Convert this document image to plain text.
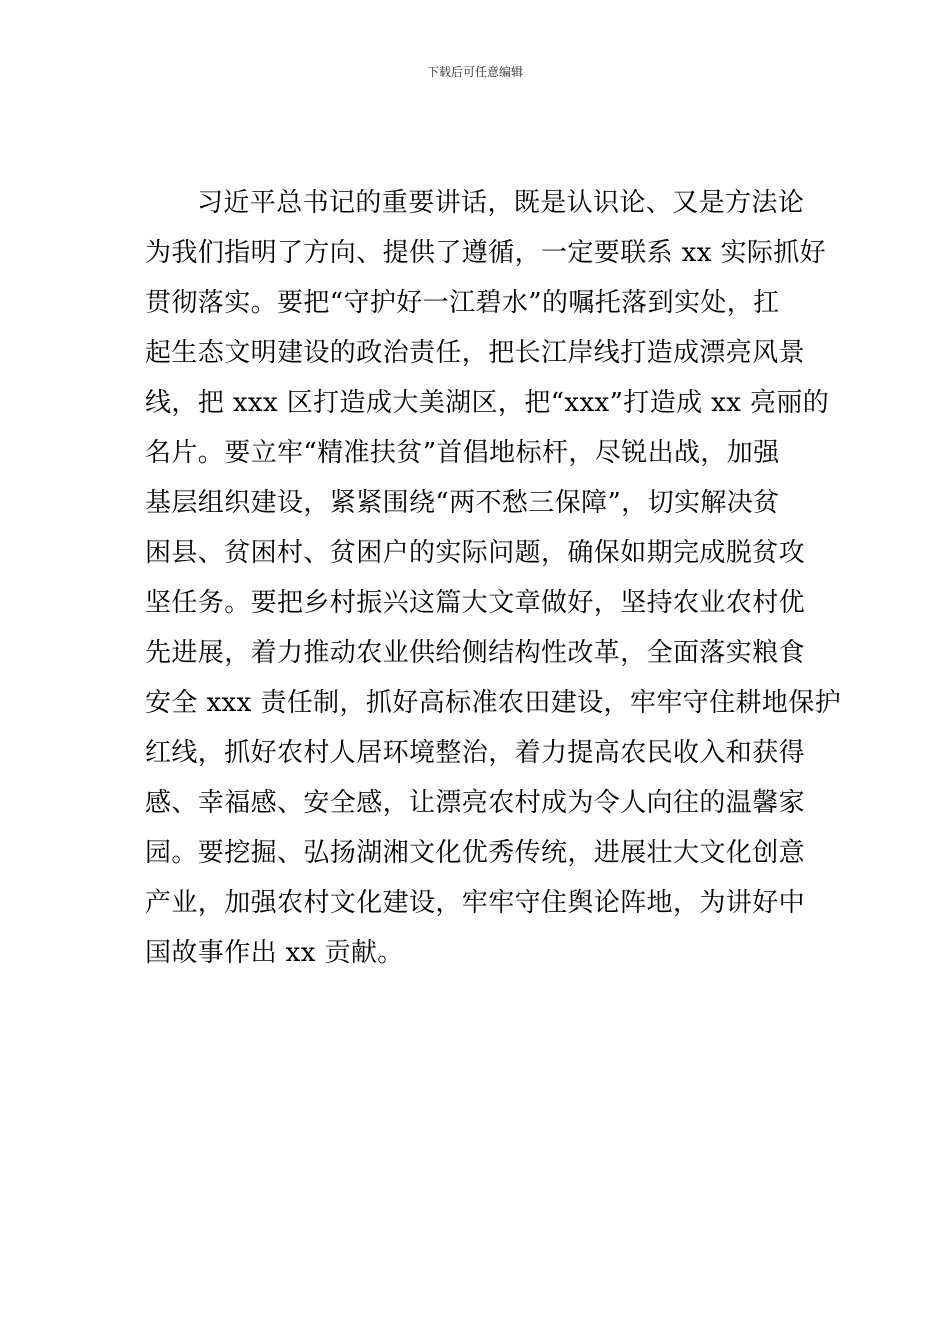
下载后可任意编辑
习近平总书记的重要讲话，既是认识论、又是方法论
为我们指明了方向、提供了遵循，一定要联系 xx 实际抓好
贯彻落实。要把“守护好一江碧水”的嘱托落到实处，扛
起生态文明建设的政治责任，把长江岸线打造成漂亮风景
线，把 xxx 区打造成大美湖区，把“xxx”打造成 xx 亮丽的
名片。要立牢“精准扶贫”首倡地标杆，尽锐出战，加强
基层组织建设，紧紧围绕“两不愁三保障”，切实解决贫
困县、贫困村、贫困户的实际问题，确保如期完成脱贫攻
坚任务。要把乡村振兴这篇大文章做好，坚持农业农村优
先进展，着力推动农业供给侧结构性改革，全面落实粮食
安全 xxx 责任制，抓好高标准农田建设，牢牢守住耕地保护
红线，抓好农村人居环境整治，着力提高农民收入和获得
感、幸福感、安全感，让漂亮农村成为令人向往的温馨家
园。要挖掘、弘扬湖湘文化优秀传统，进展壮大文化创意
产业，加强农村文化建设，牢牢守住舆论阵地，为讲好中
国故事作出 xx 贡献。
